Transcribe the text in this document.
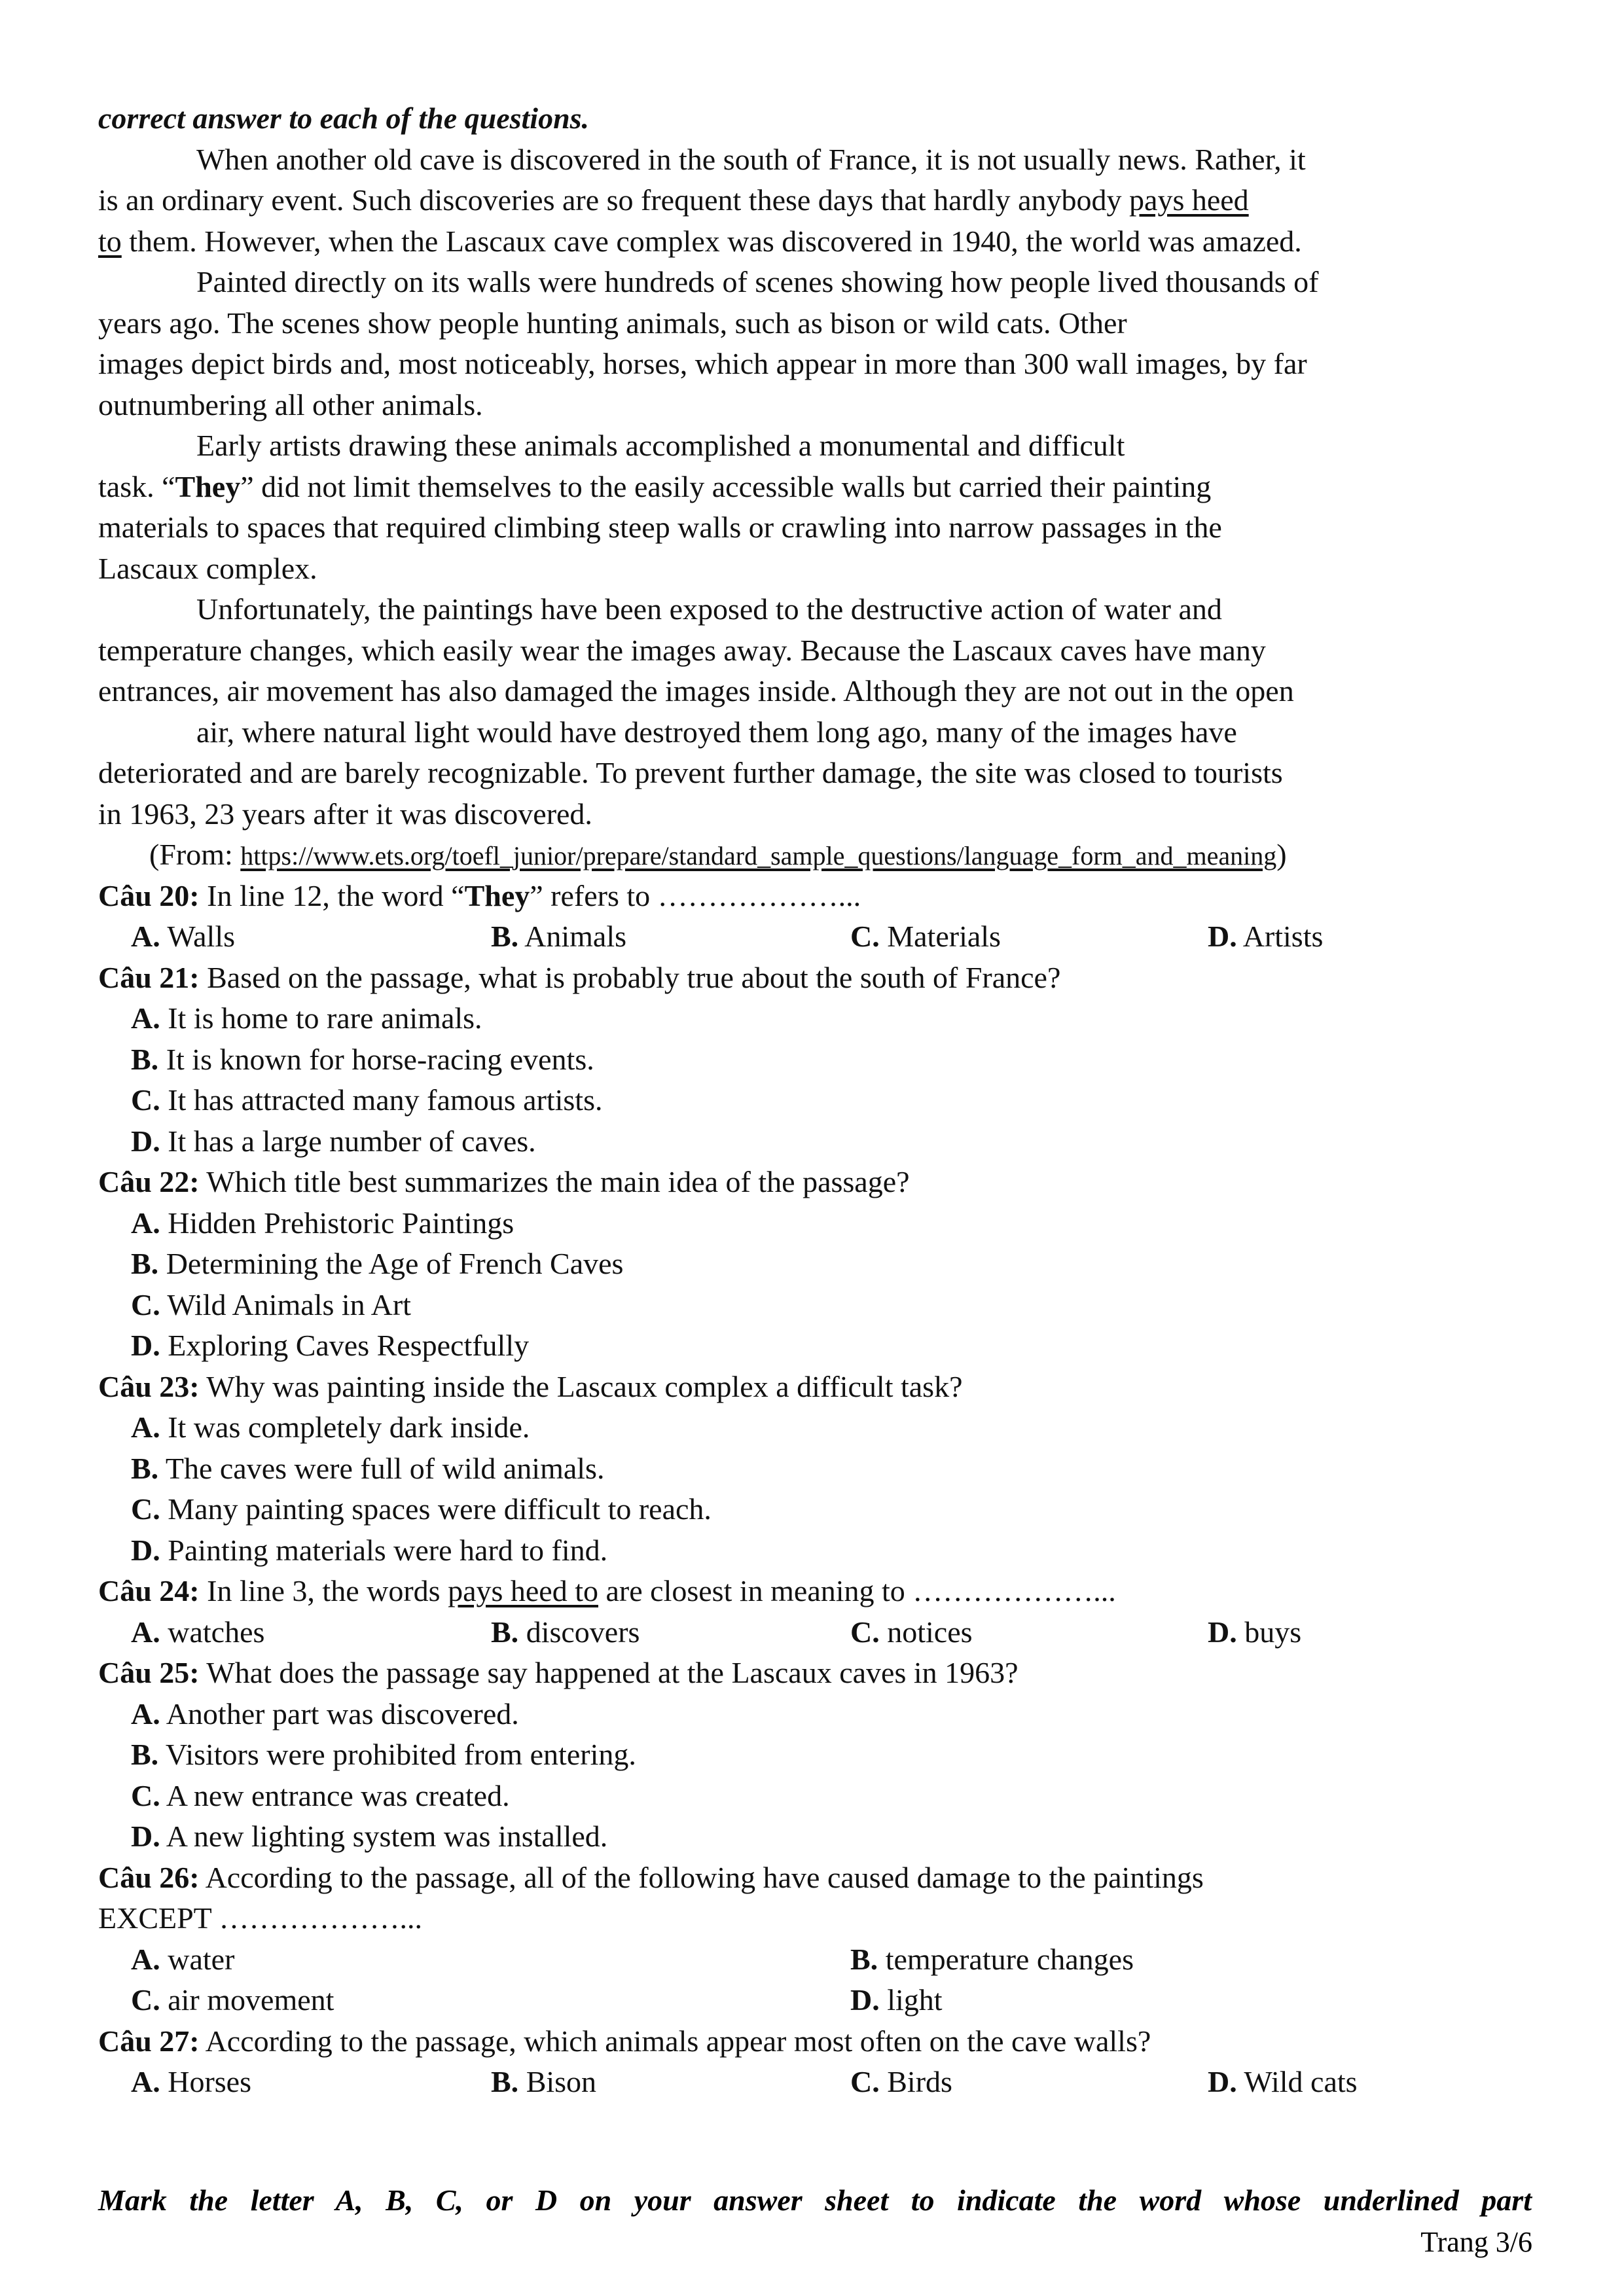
correct answer to each of the questions.
When another old cave is discovered in the south of France, it is not usually news. Rather, it
is an ordinary event. Such discoveries are so frequent these days that hardly anybody pays heed
to them. However, when the Lascaux cave complex was discovered in 1940, the world was amazed.
Painted directly on its walls were hundreds of scenes showing how people lived thousands of
years ago. The scenes show people hunting animals, such as bison or wild cats. Other
images depict birds and, most noticeably, horses, which appear in more than 300 wall images, by far
outnumbering all other animals.
Early artists drawing these animals accomplished a monumental and difficult
task. “They” did not limit themselves to the easily accessible walls but carried their painting
materials to spaces that required climbing steep walls or crawling into narrow passages in the
Lascaux complex.
Unfortunately, the paintings have been exposed to the destructive action of water and
temperature changes, which easily wear the images away. Because the Lascaux caves have many
entrances, air movement has also damaged the images inside. Although they are not out in the open
air, where natural light would have destroyed them long ago, many of the images have
deteriorated and are barely recognizable. To prevent further damage, the site was closed to tourists
in 1963, 23 years after it was discovered.
(From: https://www.ets.org/toefl_junior/prepare/standard_sample_questions/language_form_and_meaning)
Câu 20: In line 12, the word “They” refers to ………………...
A. Walls	B. Animals	C. Materials	D. Artists
Câu 21: Based on the passage, what is probably true about the south of France?
A. It is home to rare animals.
B. It is known for horse-racing events.
C. It has attracted many famous artists.
D. It has a large number of caves.
Câu 22: Which title best summarizes the main idea of the passage?
A. Hidden Prehistoric Paintings
B. Determining the Age of French Caves
C. Wild Animals in Art
D. Exploring Caves Respectfully
Câu 23: Why was painting inside the Lascaux complex a difficult task?
A. It was completely dark inside.
B. The caves were full of wild animals.
C. Many painting spaces were difficult to reach.
D. Painting materials were hard to find.
Câu 24: In line 3, the words pays heed to are closest in meaning to ………………...
A. watches	B. discovers	C. notices	D. buys
Câu 25: What does the passage say happened at the Lascaux caves in 1963?
A. Another part was discovered.
B. Visitors were prohibited from entering.
C. A new entrance was created.
D. A new lighting system was installed.
Câu 26: According to the passage, all of the following have caused damage to the paintings
EXCEPT ………………...
A. water	B. temperature changes
C. air movement	D. light
Câu 27: According to the passage, which animals appear most often on the cave walls?
A. Horses	B. Bison	C. Birds	D. Wild cats
Mark the letter A, B, C, or D on your answer sheet to indicate the word whose underlined part
Trang 3/6
